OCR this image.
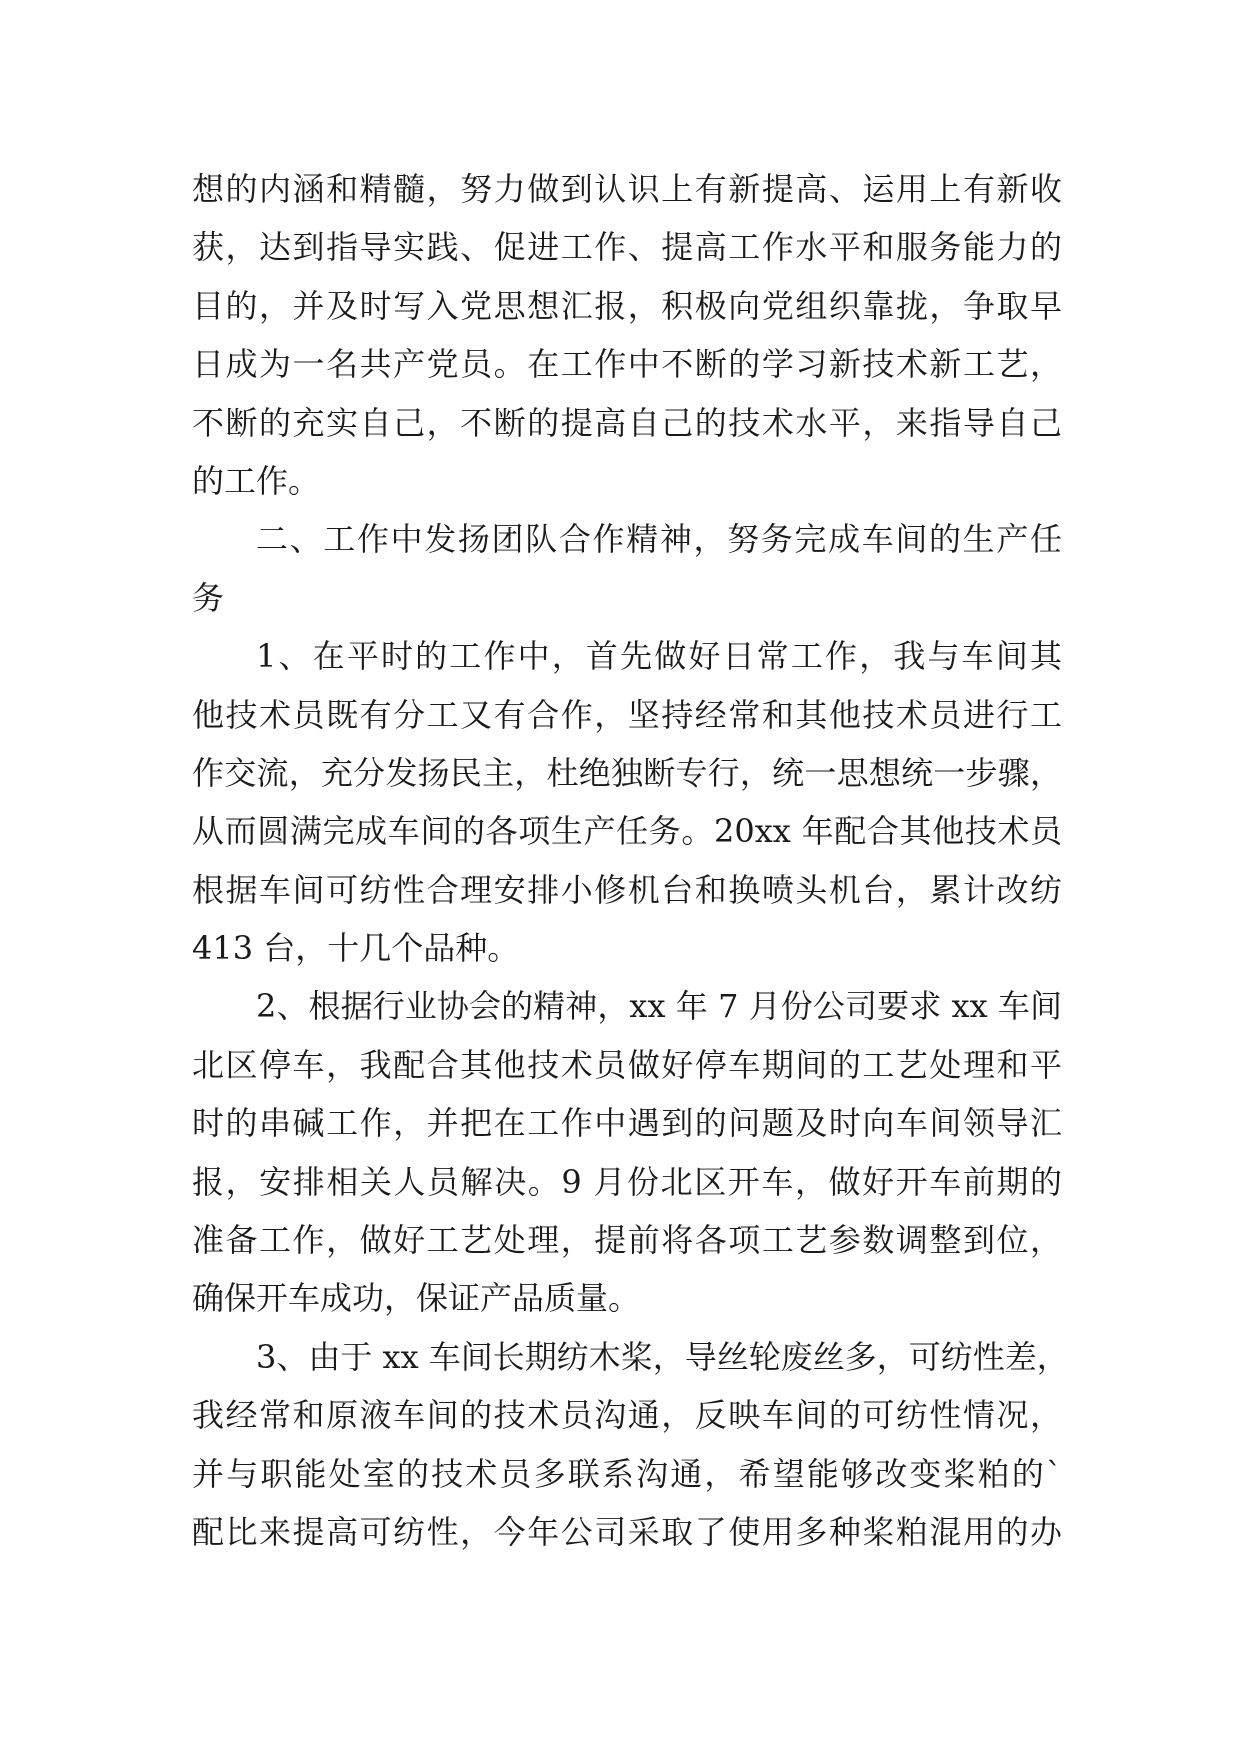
想的内涵和精髓，努力做到认识上有新提高、运用上有新收
获，达到指导实践、促进工作、提高工作水平和服务能力的
目的，并及时写入党思想汇报，积极向党组织靠拢，争取早
日成为一名共产党员。在工作中不断的学习新技术新工艺，
不断的充实自己，不断的提高自己的技术水平，来指导自己
的工作。
二、工作中发扬团队合作精神，努务完成车间的生产任
务
1、在平时的工作中，首先做好日常工作，我与车间其
他技术员既有分工又有合作，坚持经常和其他技术员进行工
作交流，充分发扬民主，杜绝独断专行，统一思想统一步骤，
从而圆满完成车间的各项生产任务。20xx 年配合其他技术员
根据车间可纺性合理安排小修机台和换喷头机台，累计改纺
413 台，十几个品种。
2、根据行业协会的精神，xx 年 7 月份公司要求 xx 车间
北区停车，我配合其他技术员做好停车期间的工艺处理和平
时的串碱工作，并把在工作中遇到的问题及时向车间领导汇
报，安排相关人员解决。9 月份北区开车，做好开车前期的
准备工作，做好工艺处理，提前将各项工艺参数调整到位，
确保开车成功，保证产品质量。
3、由于 xx 车间长期纺木桨，导丝轮废丝多，可纺性差，
我经常和原液车间的技术员沟通，反映车间的可纺性情况，
并与职能处室的技术员多联系沟通，希望能够改变桨粕的`
配比来提高可纺性，今年公司采取了使用多种桨粕混用的办
